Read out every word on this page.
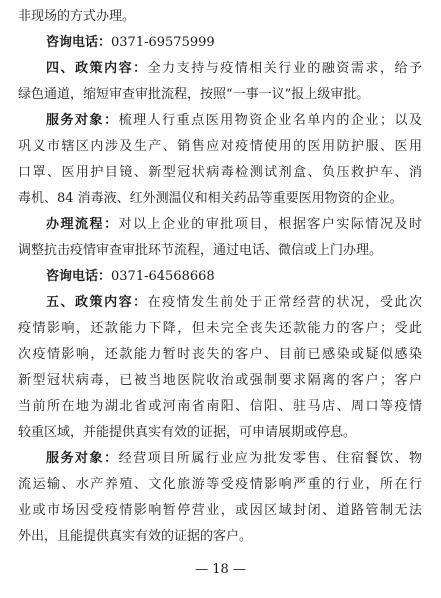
非现场的方式办理。
咨询电话：0371-69575999
四、政策内容：全力支持与疫情相关行业的融资需求，给予
绿色通道，缩短审查审批流程，按照“一事一议”报上级审批。
服务对象：梳理人行重点医用物资企业名单内的企业；以及
巩义市辖区内涉及生产、销售应对疫情使用的医用防护服、医用
口罩、医用护目镜、新型冠状病毒检测试剂盒、负压救护车、消
毒机、84 消毒液、红外测温仪和相关药品等重要医用物资的企业。
办理流程：对以上企业的审批项目，根据客户实际情况及时
调整抗击疫情审查审批环节流程，通过电话、微信或上门办理。
咨询电话：0371-64568668
五、政策内容：在疫情发生前处于正常经营的状况，受此次
疫情影响，还款能力下降，但未完全丧失还款能力的客户；受此
次疫情影响，还款能力暂时丧失的客户、目前已感染或疑似感染
新型冠状病毒，已被当地医院收治或强制要求隔离的客户；客户
当前所在地为湖北省或河南省南阳、信阳、驻马店、周口等疫情
较重区域，并能提供真实有效的证据，可申请展期或停息。
服务对象：经营项目所属行业应为批发零售、住宿餐饮、物
流运输、水产养殖、文化旅游等受疫情影响严重的行业，所在行
业或市场因受疫情影响暂停营业，或因区域封闭、道路管制无法
外出，且能提供真实有效的证据的客户。
— 18 —
